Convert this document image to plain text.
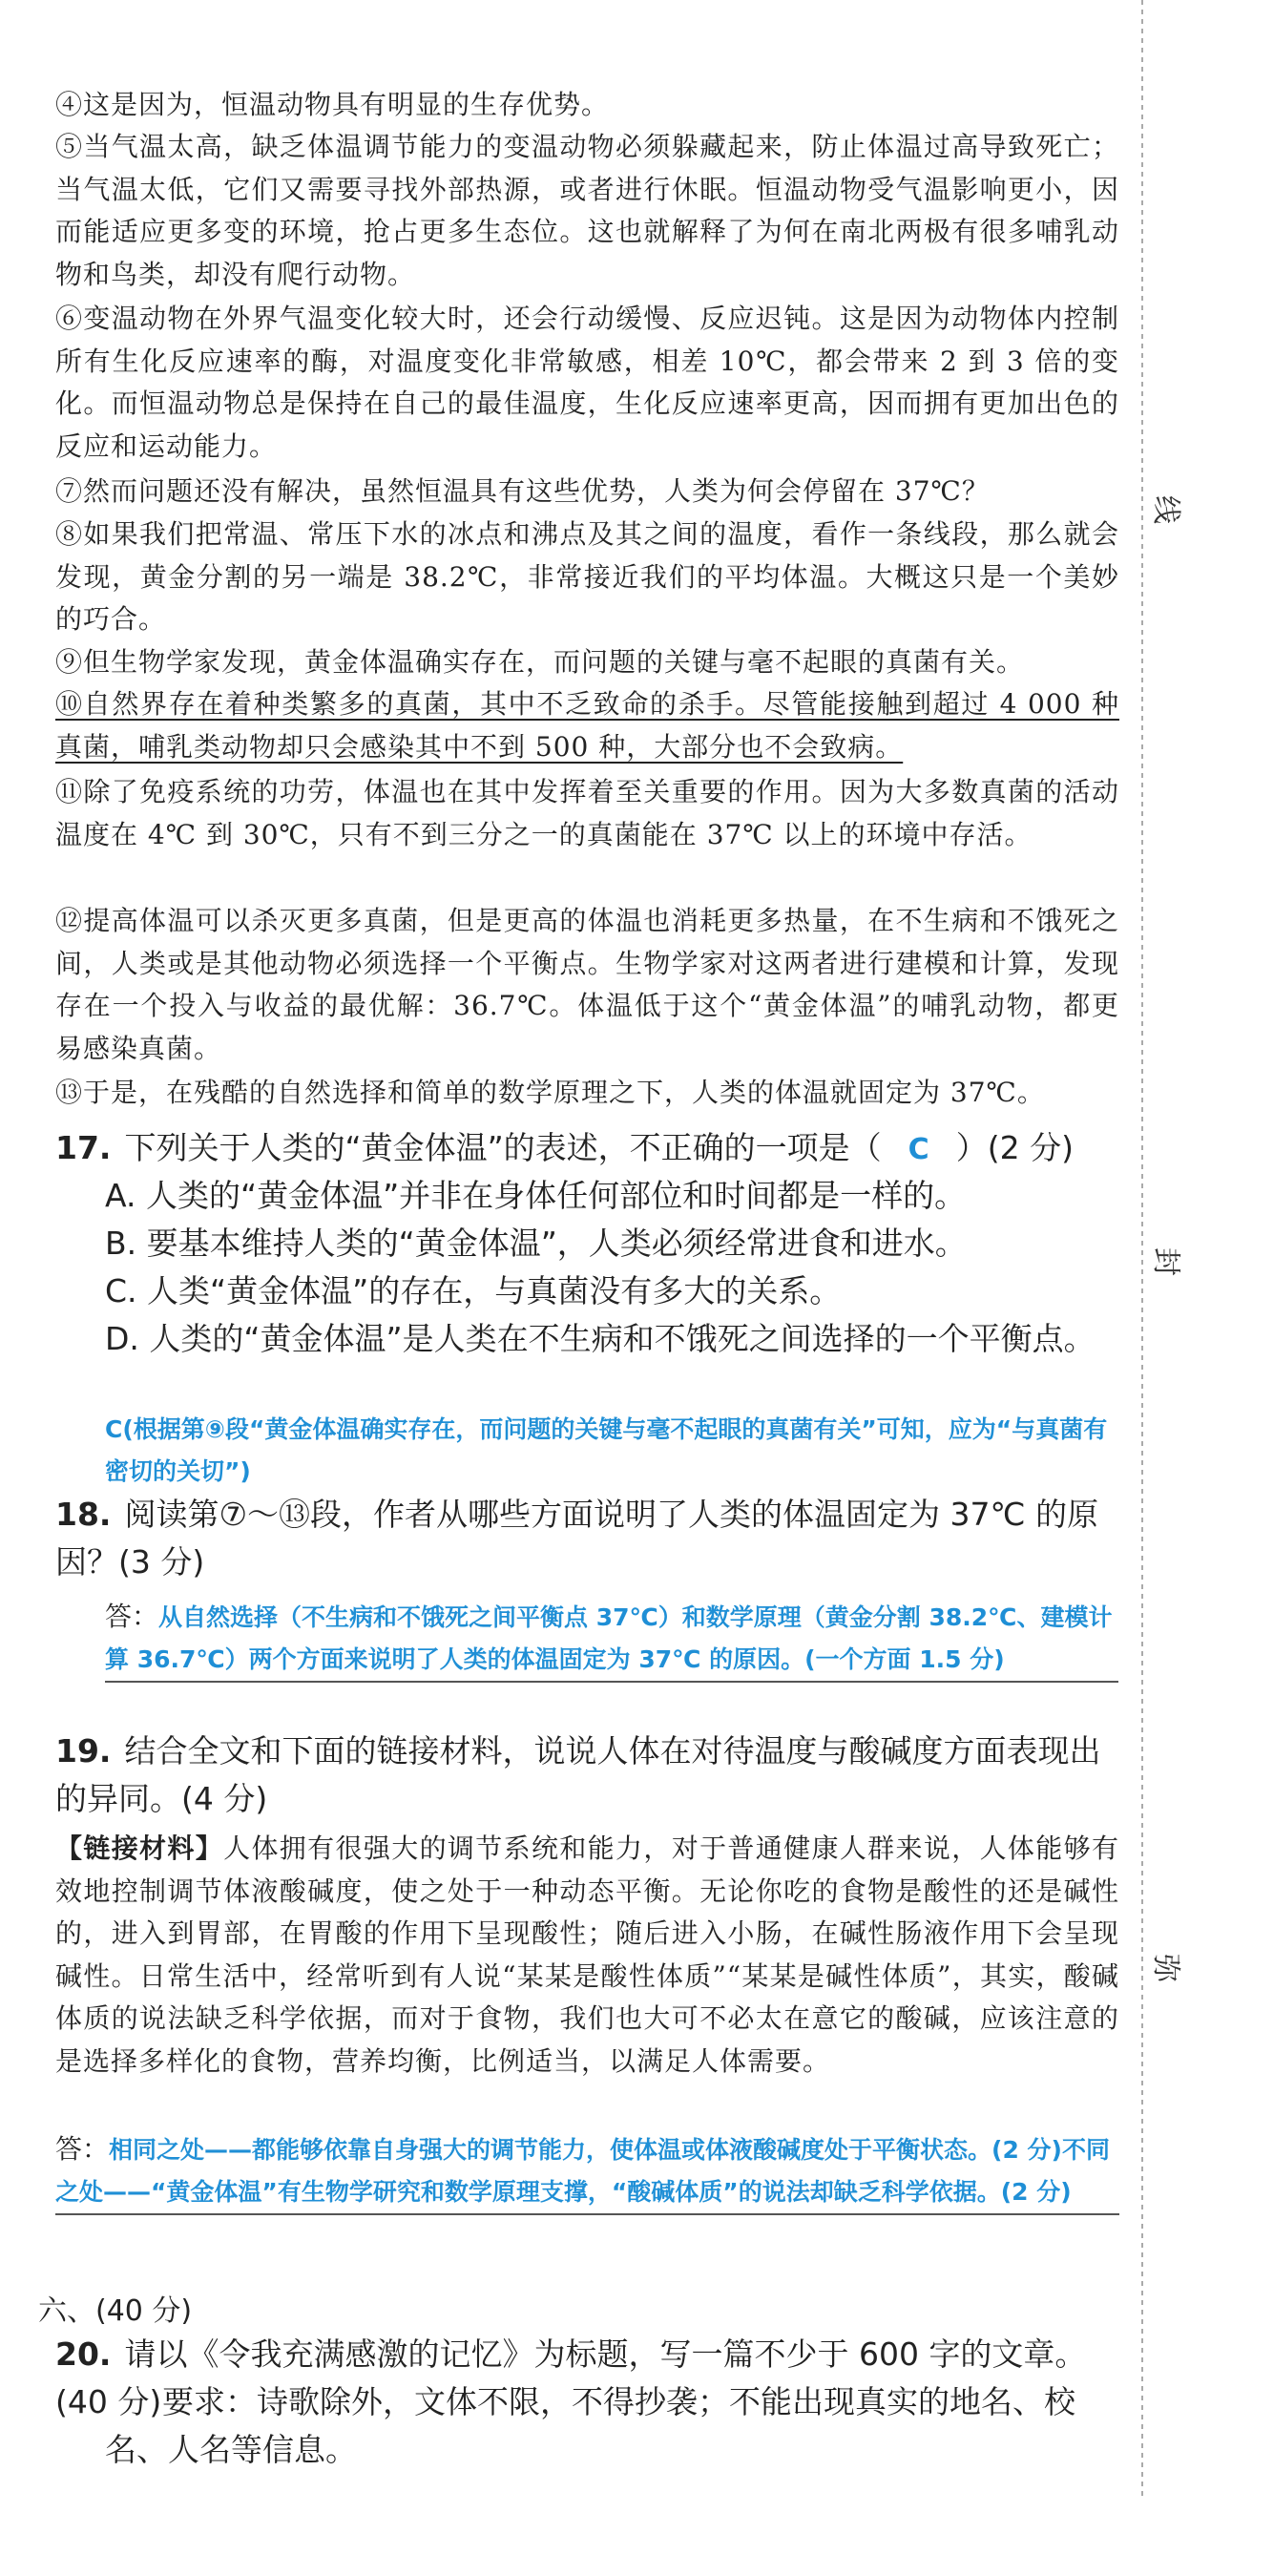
④这是因为，恒温动物具有明显的生存优势。
⑤当气温太高，缺乏体温调节能力的变温动物必须躲藏起来，防止体温过高导致死亡；当气温太低，它们又需要寻找外部热源，或者进行休眠。恒温动物受气温影响更小，因而能适应更多变的环境，抢占更多生态位。这也就解释了为何在南北两极有很多哺乳动物和鸟类，却没有爬行动物。
⑥变温动物在外界气温变化较大时，还会行动缓慢、反应迟钝。这是因为动物体内控制所有生化反应速率的酶，对温度变化非常敏感，相差 10℃，都会带来 2 到 3 倍的变化。而恒温动物总是保持在自己的最佳温度，生化反应速率更高，因而拥有更加出色的反应和运动能力。
⑦然而问题还没有解决，虽然恒温具有这些优势，人类为何会停留在 37℃？
⑧如果我们把常温、常压下水的冰点和沸点及其之间的温度，看作一条线段，那么就会发现，黄金分割的另一端是 38.2℃，非常接近我们的平均体温。大概这只是一个美妙的巧合。
⑨但生物学家发现，黄金体温确实存在，而问题的关键与毫不起眼的真菌有关。
⑩自然界存在着种类繁多的真菌，其中不乏致命的杀手。尽管能接触到超过 4 000 种真菌，哺乳类动物却只会感染其中不到 500 种，大部分也不会致病。
⑪除了免疫系统的功劳，体温也在其中发挥着至关重要的作用。因为大多数真菌的活动温度在 4℃ 到 30℃，只有不到三分之一的真菌能在 37℃ 以上的环境中存活。
⑫提高体温可以杀灭更多真菌，但是更高的体温也消耗更多热量，在不生病和不饿死之间，人类或是其他动物必须选择一个平衡点。生物学家对这两者进行建模和计算，发现存在一个投入与收益的最优解：36.7℃。体温低于这个“黄金体温”的哺乳动物，都更易感染真菌。
⑬于是，在残酷的自然选择和简单的数学原理之下，人类的体温就固定为 37℃。
17. 下列关于人类的“黄金体温”的表述，不正确的一项是（ C ）(2 分)
A. 人类的“黄金体温”并非在身体任何部位和时间都是一样的。
B. 要基本维持人类的“黄金体温”，人类必须经常进食和进水。
C. 人类“黄金体温”的存在，与真菌没有多大的关系。
D. 人类的“黄金体温”是人类在不生病和不饿死之间选择的一个平衡点。
C(根据第⑨段“黄金体温确实存在，而问题的关键与毫不起眼的真菌有关”可知，应为“与真菌有密切的关切”)
18. 阅读第⑦～⑬段，作者从哪些方面说明了人类的体温固定为 37℃ 的原因？(3 分)
答：从自然选择（不生病和不饿死之间平衡点 37℃）和数学原理（黄金分割 38.2℃、建模计算 36.7℃）两个方面来说明了人类的体温固定为 37℃ 的原因。(一个方面 1.5 分)
19. 结合全文和下面的链接材料，说说人体在对待温度与酸碱度方面表现出的异同。(4 分)
【链接材料】人体拥有很强大的调节系统和能力，对于普通健康人群来说，人体能够有效地控制调节体液酸碱度，使之处于一种动态平衡。无论你吃的食物是酸性的还是碱性的，进入到胃部，在胃酸的作用下呈现酸性；随后进入小肠，在碱性肠液作用下会呈现碱性。日常生活中，经常听到有人说“某某是酸性体质”“某某是碱性体质”，其实，酸碱体质的说法缺乏科学依据，而对于食物，我们也大可不必太在意它的酸碱，应该注意的是选择多样化的食物，营养均衡，比例适当，以满足人体需要。
答：相同之处——都能够依靠自身强大的调节能力，使体温或体液酸碱度处于平衡状态。(2 分)不同之处——“黄金体温”有生物学研究和数学原理支撑，“酸碱体质”的说法却缺乏科学依据。(2 分)
六、(40 分)
20. 请以《令我充满感激的记忆》为标题，写一篇不少于 600 字的文章。(40 分) 要求：诗歌除外，文体不限，不得抄袭；不能出现真实的地名、校名、人名等信息。
线
封
弥
